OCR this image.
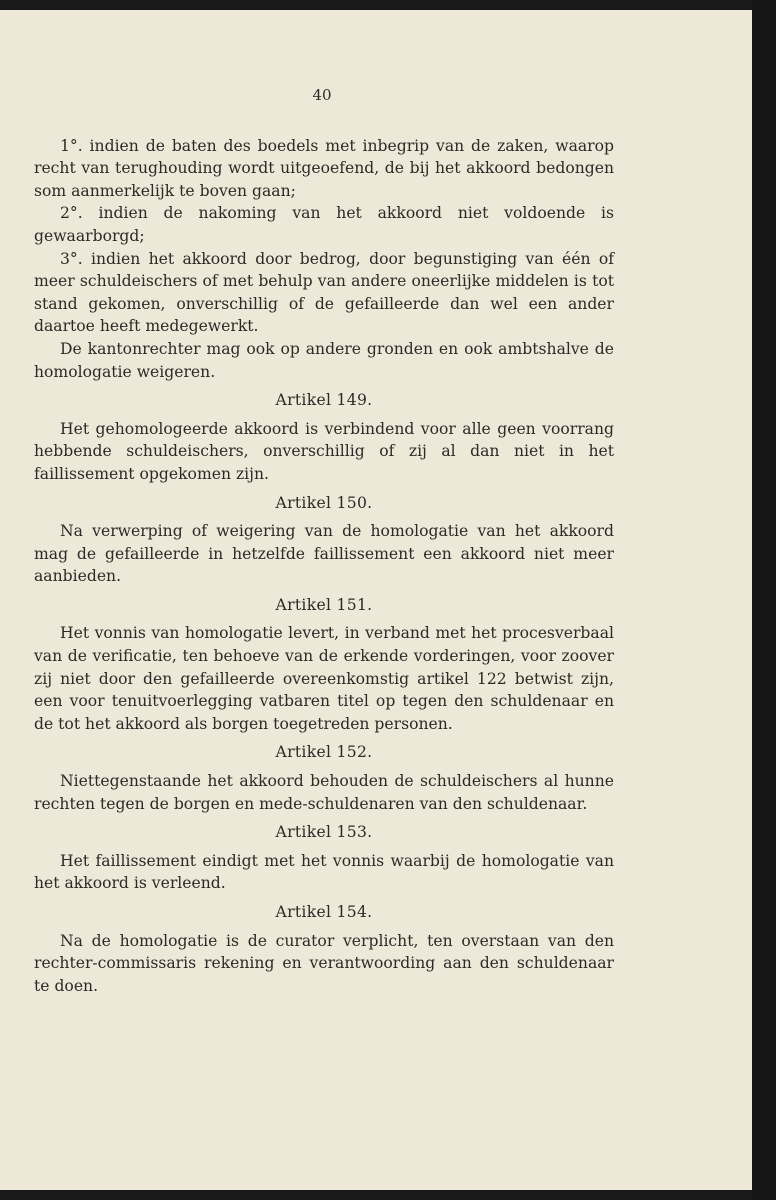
40

1°. indien de baten des boedels met inbegrip van de zaken, waarop recht van terughouding wordt uitgeoefend, de bij het akkoord bedongen som aanmerkelijk te boven gaan;

2°. indien de nakoming van het akkoord niet voldoende is gewaarborgd;

3°. indien het akkoord door bedrog, door begunstiging van één of meer schuldeischers of met behulp van andere oneerlijke middelen is tot stand gekomen, onverschillig of de gefailleerde dan wel een ander daartoe heeft medegewerkt.

De kantonrechter mag ook op andere gronden en ook ambtshalve de homologatie weigeren.

Artikel 149.

Het gehomologeerde akkoord is verbindend voor alle geen voorrang hebbende schuldeischers, onverschillig of zij al dan niet in het faillissement opgekomen zijn.

Artikel 150.

Na verwerping of weigering van de homologatie van het akkoord mag de gefailleerde in hetzelfde faillissement een akkoord niet meer aanbieden.

Artikel 151.

Het vonnis van homologatie levert, in verband met het procesverbaal van de verificatie, ten behoeve van de erkende vorderingen, voor zoover zij niet door den gefailleerde overeenkomstig artikel 122 betwist zijn, een voor tenuitvoerlegging vatbaren titel op tegen den schuldenaar en de tot het akkoord als borgen toegetreden personen.

Artikel 152.

Niettegenstaande het akkoord behouden de schuldeischers al hunne rechten tegen de borgen en mede-schuldenaren van den schuldenaar.

Artikel 153.

Het faillissement eindigt met het vonnis waarbij de homologatie van het akkoord is verleend.

Artikel 154.

Na de homologatie is de curator verplicht, ten overstaan van den rechter-commissaris rekening en verantwoording aan den schuldenaar te doen.
